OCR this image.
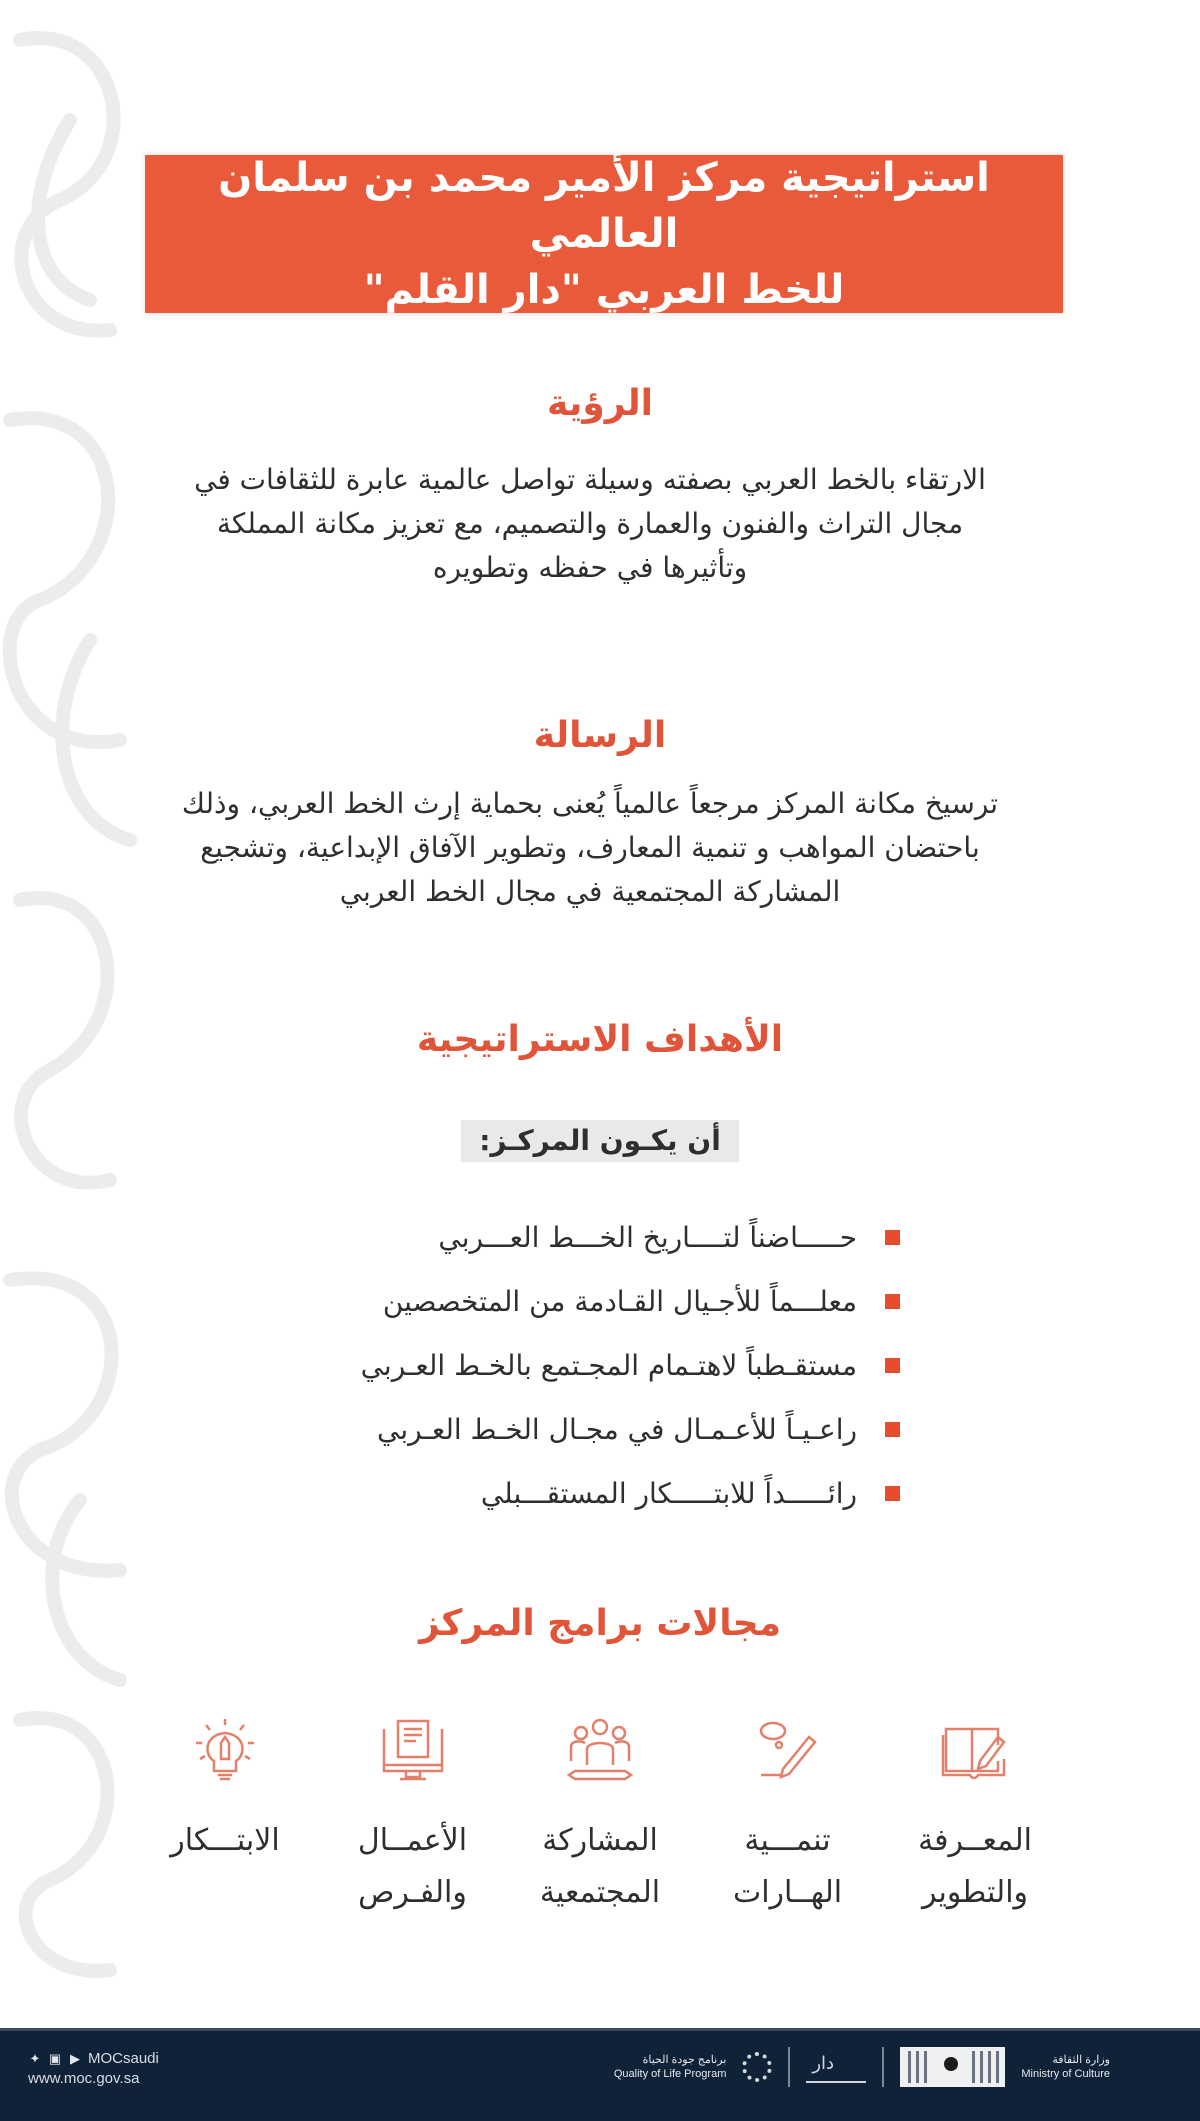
استراتيجية مركز الأمير محمد بن سلمان العالمي
للخط العربي "دار القلم"
الرؤية
الارتقاء بالخط العربي بصفته وسيلة تواصل عالمية عابرة للثقافات في
مجال التراث والفنون والعمارة والتصميم، مع تعزيز مكانة المملكة
وتأثيرها في حفظه وتطويره
الرسالة
ترسيخ مكانة المركز مرجعاً عالمياً يُعنى بحماية إرث الخط العربي، وذلك
باحتضان المواهب و تنمية المعارف، وتطوير الآفاق الإبداعية، وتشجيع
المشاركة المجتمعية في مجال الخط العربي
الأهداف الاستراتيجية
أن يكـون المركـز:
حـــــاضناً لتــــاريخ الخـــط العـــربي
معلـــماً للأجـيال القـادمة من المتخصصين
مستقـطباً لاهتـمام المجـتمع بالخـط العـربي
راعـيـاً للأعـمـال في مجـال الخـط العـربي
رائـــــداً للابتـــــكار المستقـــبلي
مجالات برامج المركز
المعــرفة
والتطوير
تنمـــية
الهــارات
المشاركة
المجتمعية
الأعمــال
والفـرص
الابتـــكار
✦ ▣ ▶ MOCsaudi
www.moc.gov.sa
برنامج جودة الحياة
Quality of Life Program	دار	وزارة الثقافة
Ministry of Culture
